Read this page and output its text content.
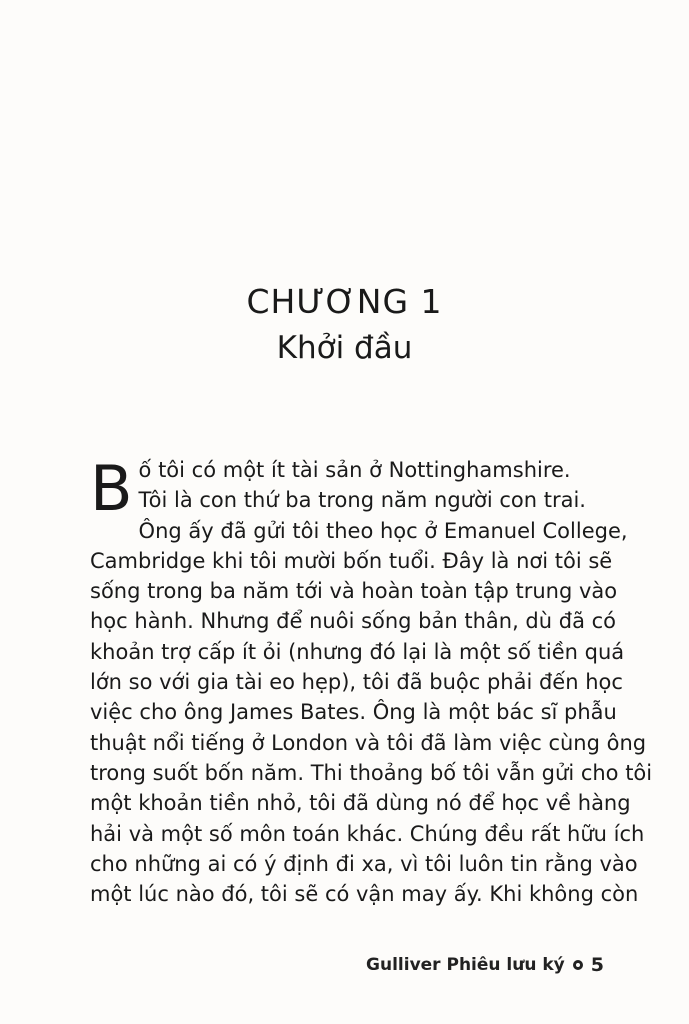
CHƯƠNG 1
Khởi đầu

B ố tôi có một ít tài sản ở Nottinghamshire.
Tôi là con thứ ba trong năm người con trai.
Ông ấy đã gửi tôi theo học ở Emanuel College,
Cambridge khi tôi mười bốn tuổi. Đây là nơi tôi sẽ
sống trong ba năm tới và hoàn toàn tập trung vào
học hành. Nhưng để nuôi sống bản thân, dù đã có
khoản trợ cấp ít ỏi (nhưng đó lại là một số tiền quá
lớn so với gia tài eo hẹp), tôi đã buộc phải đến học
việc cho ông James Bates. Ông là một bác sĩ phẫu
thuật nổi tiếng ở London và tôi đã làm việc cùng ông
trong suốt bốn năm. Thi thoảng bố tôi vẫn gửi cho tôi
một khoản tiền nhỏ, tôi đã dùng nó để học về hàng
hải và một số môn toán khác. Chúng đều rất hữu ích
cho những ai có ý định đi xa, vì tôi luôn tin rằng vào
một lúc nào đó, tôi sẽ có vận may ấy. Khi không còn

Gulliver Phiêu lưu ký 5
